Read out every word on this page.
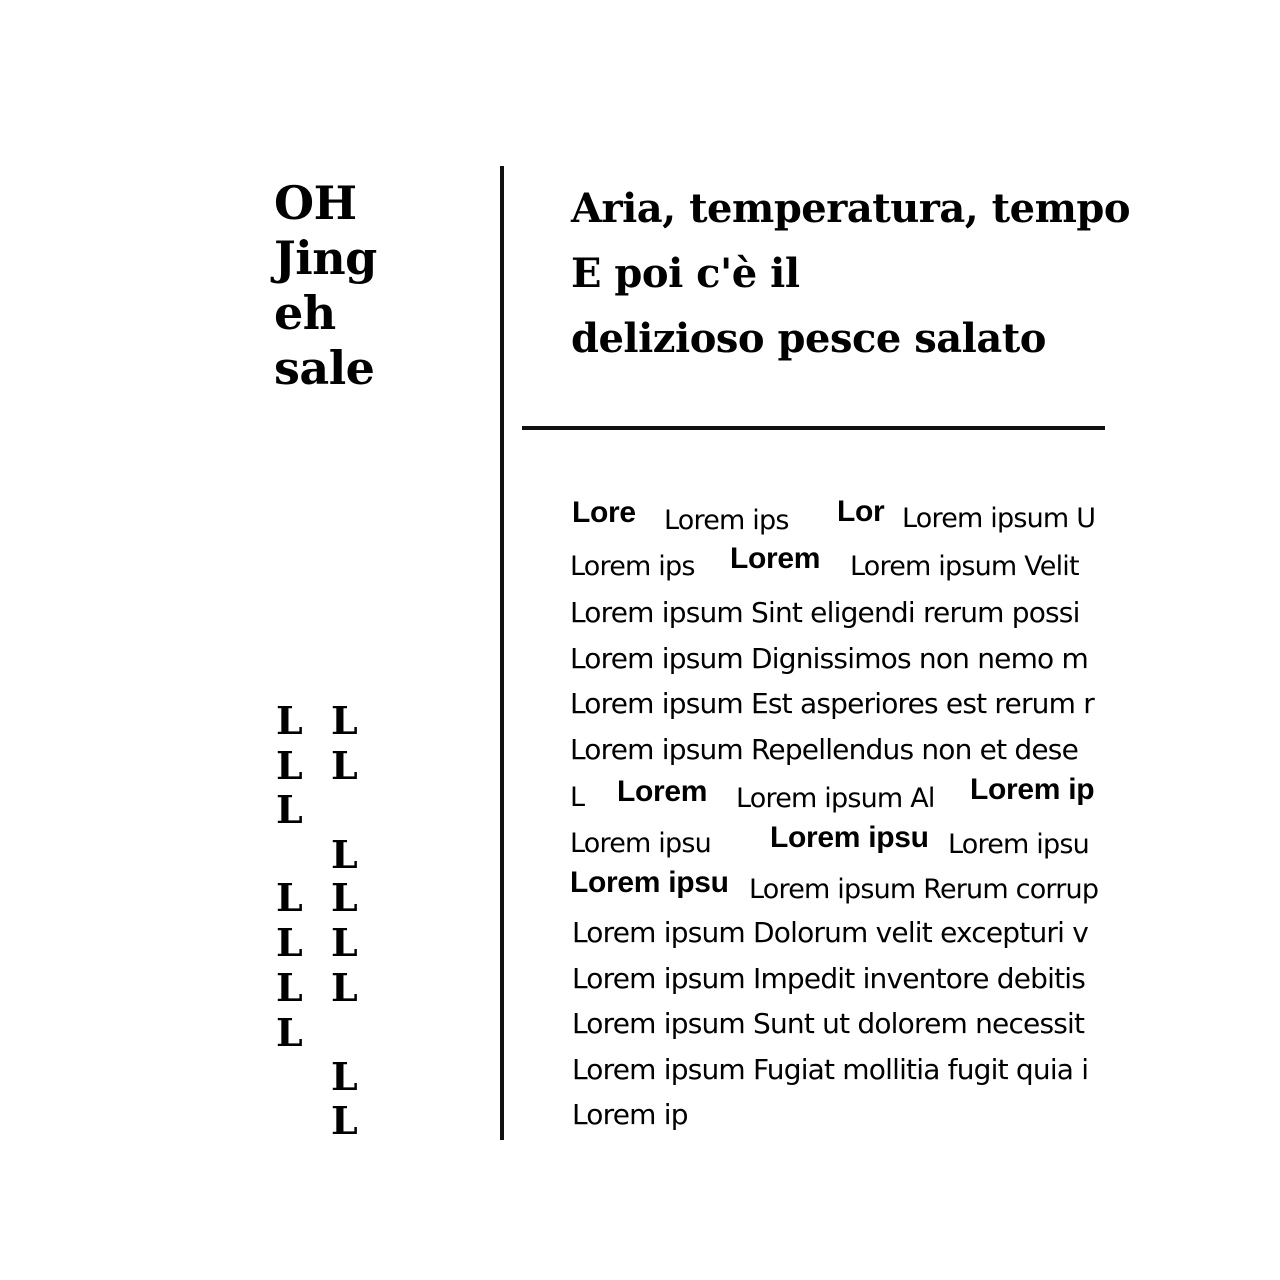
OH
Jing
eh
sale
Aria, temperatura, tempo
E poi c'è il
delizioso pesce salato
Lore Lorem ips Lor Lorem ipsum U
Lorem ips Lorem Lorem ipsum Velit
Lorem ipsum Sint eligendi rerum possi
Lorem ipsum Dignissimos non nemo m
Lorem ipsum Est asperiores est rerum r
Lorem ipsum Repellendus non et dese
L Lorem Lorem ipsum Al Lorem ip
Lorem ipsu Lorem ipsu Lorem ipsu
Lorem ipsu Lorem ipsum Rerum corrup
Lorem ipsum Dolorum velit excepturi v
Lorem ipsum Impedit inventore debitis
Lorem ipsum Sunt ut dolorem necessit
Lorem ipsum Fugiat mollitia fugit quia i
Lorem ip
L
L
L
L
L
L
L
L
L
L
L
L
L
L
L
